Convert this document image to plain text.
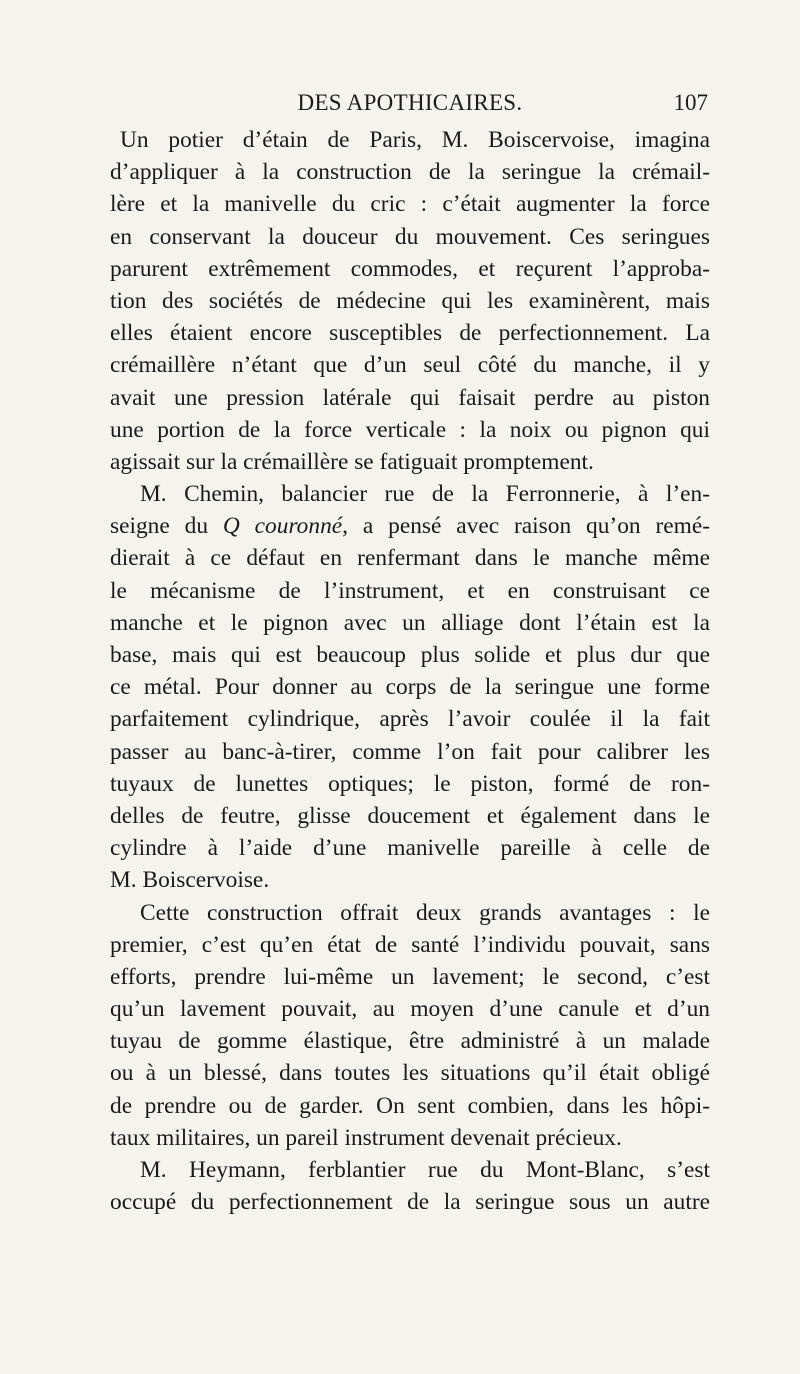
DES APOTHICAIRES.	107
Un potier d’étain de Paris, M. Boiscervoise, imagina
d’appliquer à la construction de la seringue la crémail-
lère et la manivelle du cric : c’était augmenter la force
en conservant la douceur du mouvement. Ces seringues
parurent extrêmement commodes, et reçurent l’approba-
tion des sociétés de médecine qui les examinèrent, mais
elles étaient encore susceptibles de perfectionnement. La
crémaillère n’étant que d’un seul côté du manche, il y
avait une pression latérale qui faisait perdre au piston
une portion de la force verticale : la noix ou pignon qui
agissait sur la crémaillère se fatiguait promptement.
M. Chemin, balancier rue de la Ferronnerie, à l’en-
seigne du Q couronné, a pensé avec raison qu’on remé-
dierait à ce défaut en renfermant dans le manche même
le mécanisme de l’instrument, et en construisant ce
manche et le pignon avec un alliage dont l’étain est la
base, mais qui est beaucoup plus solide et plus dur que
ce métal. Pour donner au corps de la seringue une forme
parfaitement cylindrique, après l’avoir coulée il la fait
passer au banc-à-tirer, comme l’on fait pour calibrer les
tuyaux de lunettes optiques; le piston, formé de ron-
delles de feutre, glisse doucement et également dans le
cylindre à l’aide d’une manivelle pareille à celle de
M. Boiscervoise.
Cette construction offrait deux grands avantages : le
premier, c’est qu’en état de santé l’individu pouvait, sans
efforts, prendre lui-même un lavement; le second, c’est
qu’un lavement pouvait, au moyen d’une canule et d’un
tuyau de gomme élastique, être administré à un malade
ou à un blessé, dans toutes les situations qu’il était obligé
de prendre ou de garder. On sent combien, dans les hôpi-
taux militaires, un pareil instrument devenait précieux.
M. Heymann, ferblantier rue du Mont-Blanc, s’est
occupé du perfectionnement de la seringue sous un autre
